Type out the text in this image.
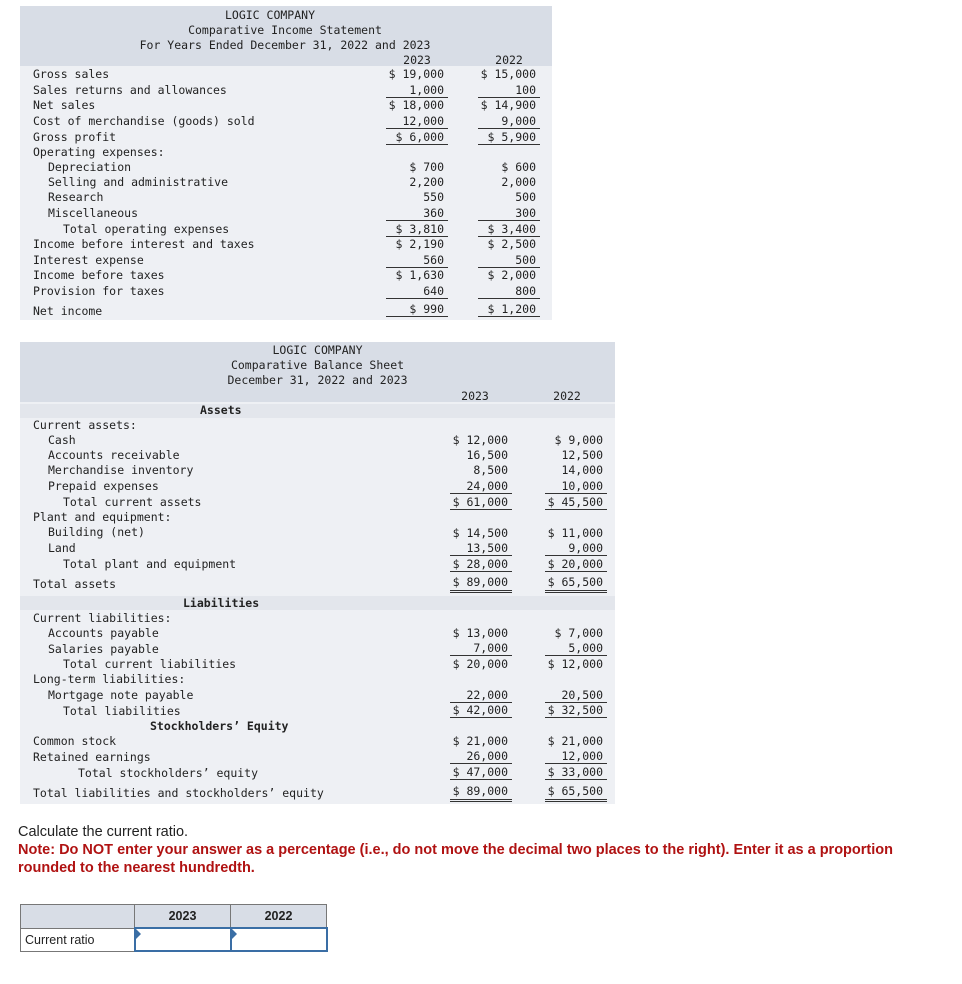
LOGIC COMPANY
Comparative Income Statement
For Years Ended December 31, 2022 and 2023
2023	2022
Gross sales	$ 19,000	$ 15,000
Sales returns and allowances	1,000	100
Net sales	$ 18,000	$ 14,900
Cost of merchandise (goods) sold	12,000	9,000
Gross profit	$ 6,000	$ 5,900
Operating expenses:
Depreciation	$ 700	$ 600
Selling and administrative	2,200	2,000
Research	550	500
Miscellaneous	360	300
Total operating expenses	$ 3,810	$ 3,400
Income before interest and taxes	$ 2,190	$ 2,500
Interest expense	560	500
Income before taxes	$ 1,630	$ 2,000
Provision for taxes	640	800
Net income	$ 990	$ 1,200
LOGIC COMPANY
Comparative Balance Sheet
December 31, 2022 and 2023
2023	2022
Assets
Current assets:
Cash	$ 12,000	$ 9,000
Accounts receivable	16,500	12,500
Merchandise inventory	8,500	14,000
Prepaid expenses	24,000	10,000
Total current assets	$ 61,000	$ 45,500
Plant and equipment:
Building (net)	$ 14,500	$ 11,000
Land	13,500	9,000
Total plant and equipment	$ 28,000	$ 20,000
Total assets	$ 89,000	$ 65,500
Liabilities
Current liabilities:
Accounts payable	$ 13,000	$ 7,000
Salaries payable	7,000	5,000
Total current liabilities	$ 20,000	$ 12,000
Long-term liabilities:
Mortgage note payable	22,000	20,500
Total liabilities	$ 42,000	$ 32,500
Stockholders’ Equity
Common stock	$ 21,000	$ 21,000
Retained earnings	26,000	12,000
Total stockholders’ equity	$ 47,000	$ 33,000
Total liabilities and stockholders’ equity	$ 89,000	$ 65,500
Calculate the current ratio.
Note: Do NOT enter your answer as a percentage (i.e., do not move the decimal two places to the right). Enter it as a proportion
rounded to the nearest hundredth.
	2023	2022
Current ratio	
